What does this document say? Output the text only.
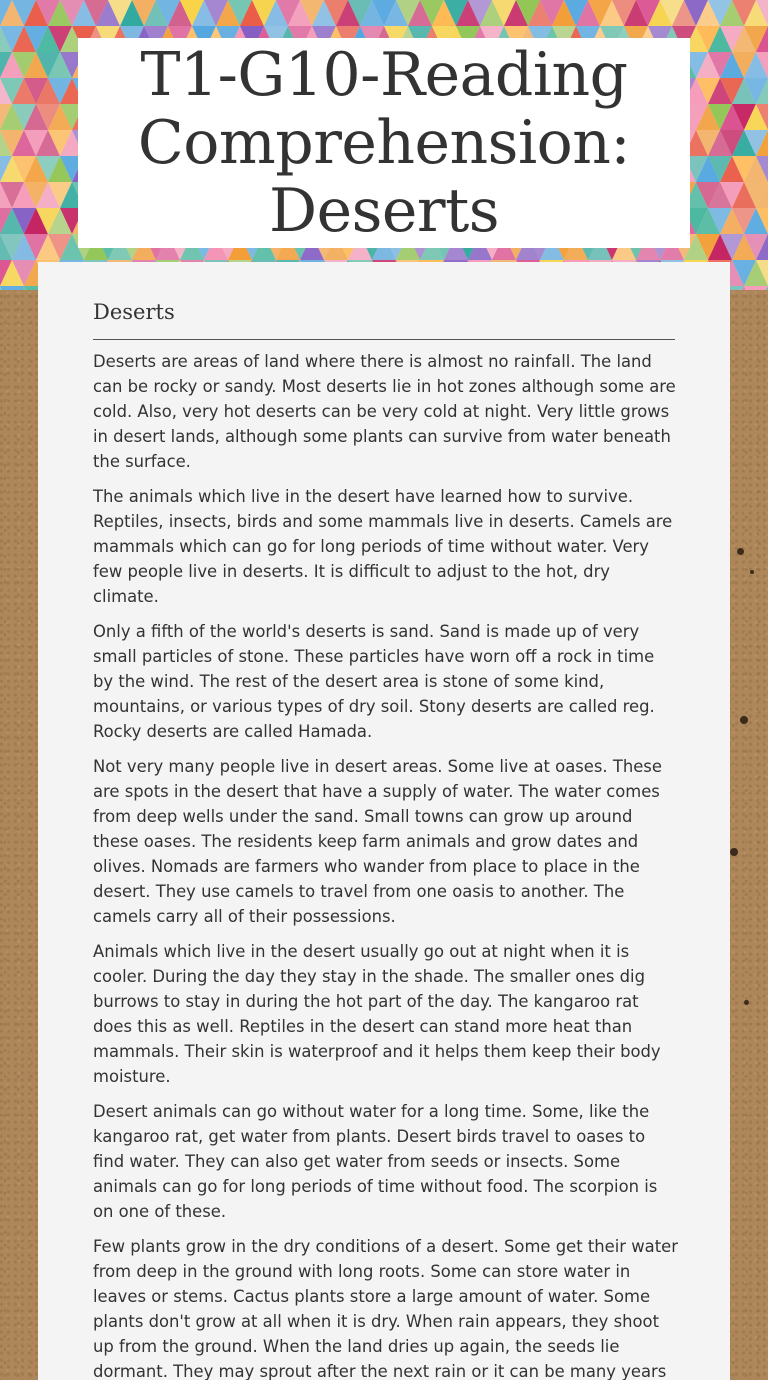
T1-G10-Reading Comprehension: Deserts
Deserts

Deserts are areas of land where there is almost no rainfall. The land can be rocky or sandy. Most deserts lie in hot zones although some are cold. Also, very hot deserts can be very cold at night. Very little grows in desert lands, although some plants can survive from water beneath the surface.

The animals which live in the desert have learned how to survive. Reptiles, insects, birds and some mammals live in deserts. Camels are mammals which can go for long periods of time without water. Very few people live in deserts. It is difficult to adjust to the hot, dry climate.

Only a fifth of the world's deserts is sand. Sand is made up of very small particles of stone. These particles have worn off a rock in time by the wind. The rest of the desert area is stone of some kind, mountains, or various types of dry soil. Stony deserts are called reg. Rocky deserts are called Hamada.

Not very many people live in desert areas. Some live at oases. These are spots in the desert that have a supply of water. The water comes from deep wells under the sand. Small towns can grow up around these oases. The residents keep farm animals and grow dates and olives. Nomads are farmers who wander from place to place in the desert. They use camels to travel from one oasis to another. The camels carry all of their possessions.

Animals which live in the desert usually go out at night when it is cooler. During the day they stay in the shade. The smaller ones dig burrows to stay in during the hot part of the day. The kangaroo rat does this as well. Reptiles in the desert can stand more heat than mammals. Their skin is waterproof and it helps them keep their body moisture.

Desert animals can go without water for a long time. Some, like the kangaroo rat, get water from plants. Desert birds travel to oases to find water. They can also get water from seeds or insects. Some animals can go for long periods of time without food. The scorpion is on one of these.

Few plants grow in the dry conditions of a desert. Some get their water from deep in the ground with long roots. Some can store water in leaves or stems. Cactus plants store a large amount of water. Some plants don't grow at all when it is dry. When rain appears, they shoot up from the ground. When the land dries up again, the seeds lie dormant. They may sprout after the next rain or it can be many years
